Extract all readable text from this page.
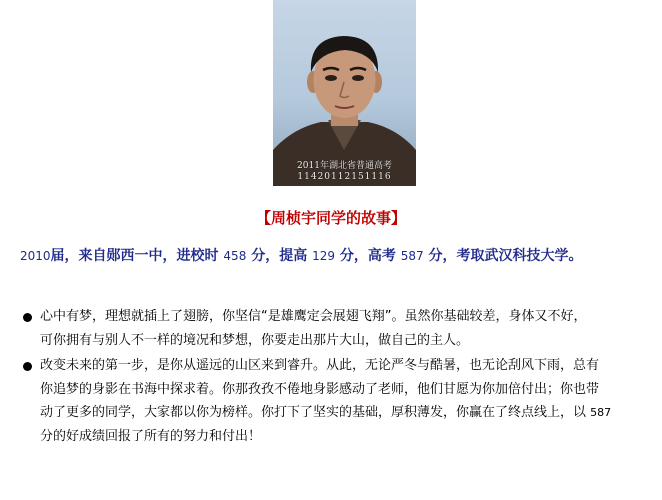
2011年湖北省普通高考
11420112151116
【周桢宇同学的故事】
2010届，来自郧西一中，进校时 458 分，提高 129 分，高考 587 分，考取武汉科技大学。
心中有梦，理想就插上了翅膀，你坚信“是雄鹰定会展翅飞翔”。虽然你基础较差，身体又不好，
可你拥有与别人不一样的境况和梦想，你要走出那片大山，做自己的主人。
改变未来的第一步，是你从遥远的山区来到睿升。从此，无论严冬与酷暑，也无论刮风下雨，总有
你追梦的身影在书海中探求着。你那孜孜不倦地身影感动了老师，他们甘愿为你加倍付出；你也带
动了更多的同学，大家都以你为榜样。你打下了坚实的基础，厚积薄发，你赢在了终点线上，以 587
分的好成绩回报了所有的努力和付出！
